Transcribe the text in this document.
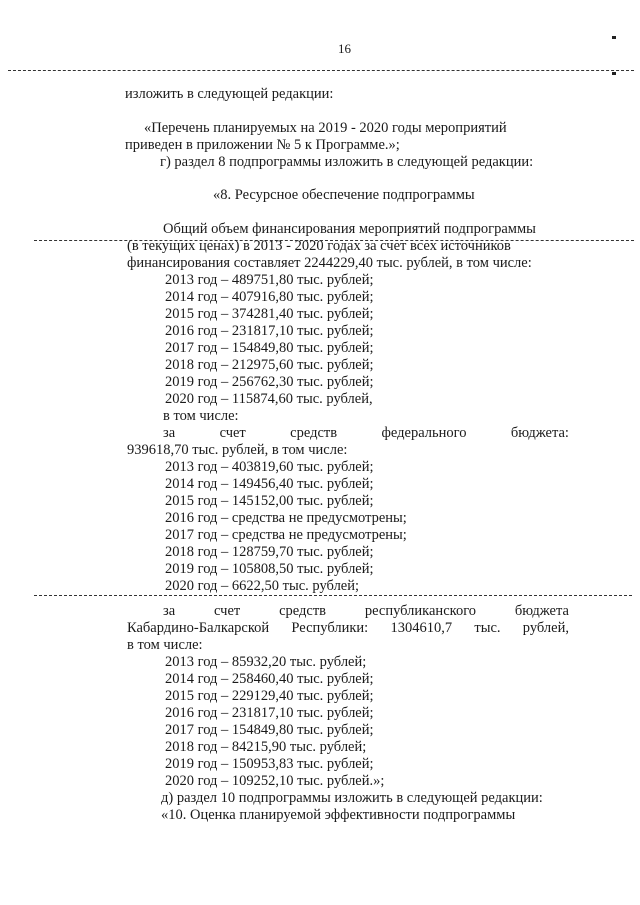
16
изложить в следующей редакции:
«Перечень планируемых на 2019 - 2020 годы мероприятий
приведен в приложении № 5 к Программе.»;
г) раздел 8 подпрограммы изложить в следующей редакции:
«8. Ресурсное обеспечение подпрограммы
Общий объем финансирования мероприятий подпрограммы
(в текущих ценах) в 2013 - 2020 годах за счет всех источников
финансирования составляет 2244229,40 тыс. рублей, в том числе:
2013 год – 489751,80 тыс. рублей;
2014 год – 407916,80 тыс. рублей;
2015 год – 374281,40 тыс. рублей;
2016 год – 231817,10 тыс. рублей;
2017 год – 154849,80 тыс. рублей;
2018 год – 212975,60 тыс. рублей;
2019 год – 256762,30 тыс. рублей;
2020 год – 115874,60 тыс. рублей,
в том числе:
за	счет	средств	федерального	бюджета:
939618,70 тыс. рублей, в том числе:
2013 год – 403819,60 тыс. рублей;
2014 год – 149456,40 тыс. рублей;
2015 год – 145152,00 тыс. рублей;
2016 год – средства не предусмотрены;
2017 год – средства не предусмотрены;
2018 год – 128759,70 тыс. рублей;
2019 год – 105808,50 тыс. рублей;
2020 год – 6622,50 тыс. рублей;
за	счет	средств	республиканского	бюджета
Кабардино-Балкарской Республики: 1304610,7 тыс. рублей,
в том числе:
2013 год – 85932,20 тыс. рублей;
2014 год – 258460,40 тыс. рублей;
2015 год – 229129,40 тыс. рублей;
2016 год – 231817,10 тыс. рублей;
2017 год – 154849,80 тыс. рублей;
2018 год – 84215,90 тыс. рублей;
2019 год – 150953,83 тыс. рублей;
2020 год – 109252,10 тыс. рублей.»;
д) раздел 10 подпрограммы изложить в следующей редакции:
«10. Оценка планируемой эффективности подпрограммы
